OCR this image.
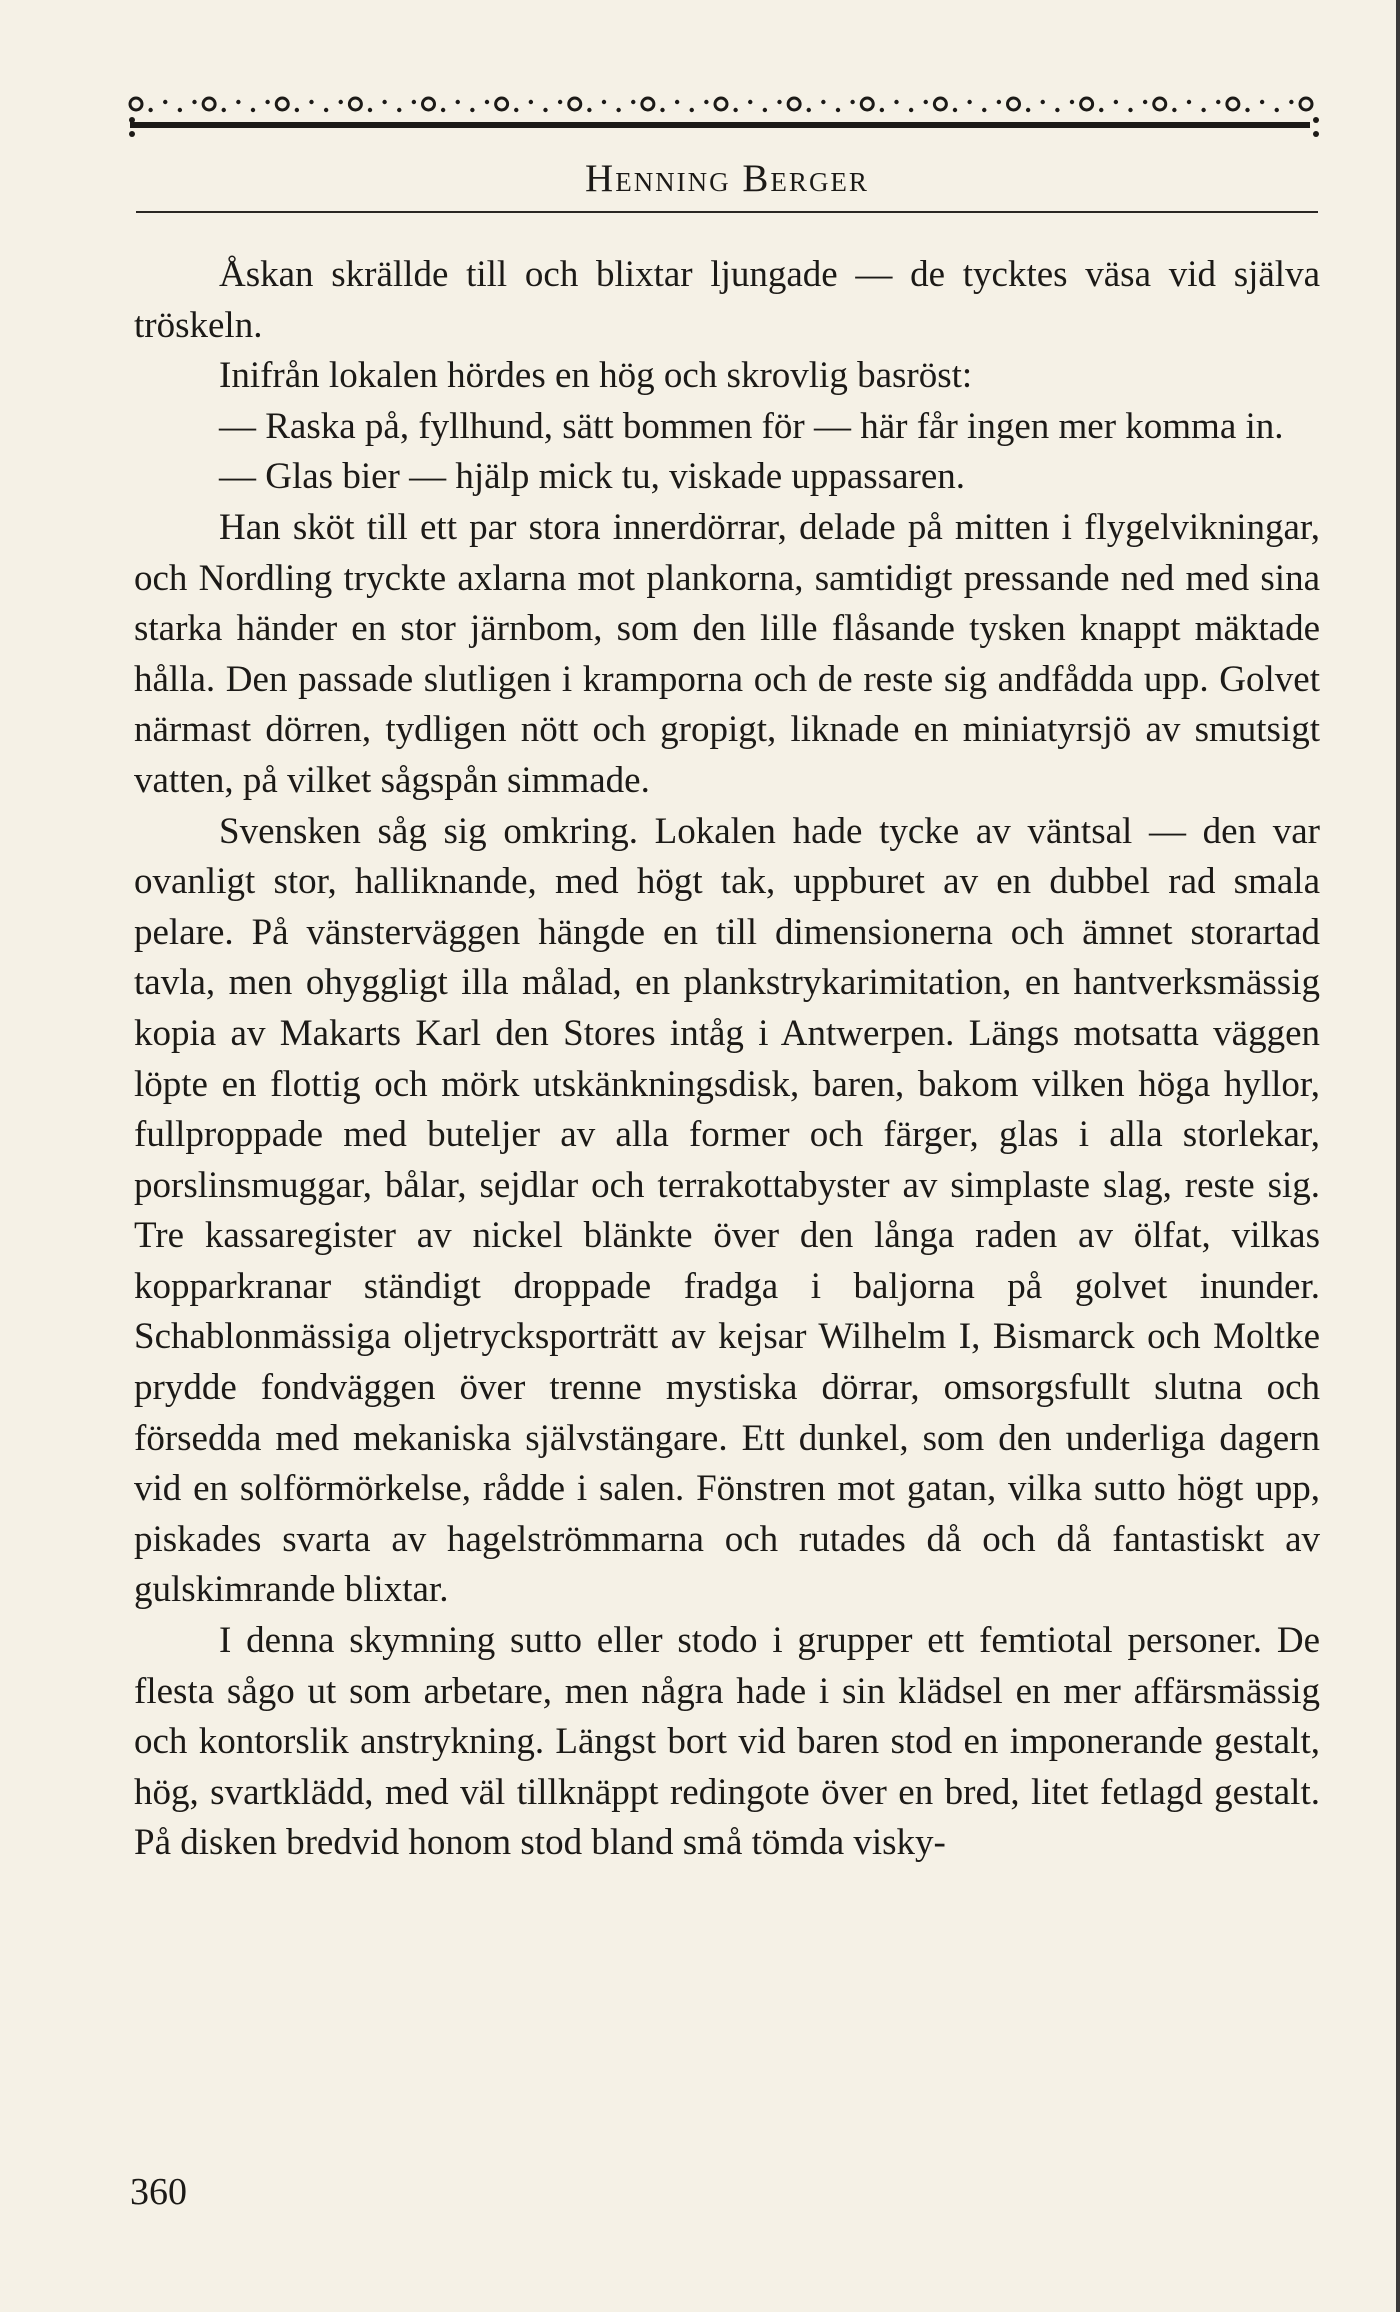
Henning Berger

Åskan skrällde till och blixtar ljungade — de tycktes väsa vid själva tröskeln.

Inifrån lokalen hördes en hög och skrovlig basröst:

— Raska på, fyllhund, sätt bommen för — här får ingen mer komma in.

— Glas bier — hjälp mick tu, viskade uppassaren.

Han sköt till ett par stora innerdörrar, delade på mitten i flygelvikningar, och Nordling tryckte axlarna mot plankorna, samtidigt pressande ned med sina starka händer en stor järnbom, som den lille flåsande tysken knappt mäktade hålla. Den passade slutligen i kramporna och de reste sig andfådda upp. Golvet närmast dörren, tydligen nött och gropigt, liknade en miniatyrsjö av smutsigt vatten, på vilket sågspån simmade.

Svensken såg sig omkring. Lokalen hade tycke av väntsal — den var ovanligt stor, halliknande, med högt tak, uppburet av en dubbel rad smala pelare. På vänsterväggen hängde en till dimensionerna och ämnet storartad tavla, men ohyggligt illa målad, en plankstrykarimitation, en hantverksmässig kopia av Makarts Karl den Stores intåg i Antwerpen. Längs motsatta väggen löpte en flottig och mörk utskänkningsdisk, baren, bakom vilken höga hyllor, fullproppade med buteljer av alla former och färger, glas i alla storlekar, porslinsmuggar, bålar, sejdlar och terrakottabyster av simplaste slag, reste sig. Tre kassaregister av nickel blänkte över den långa raden av ölfat, vilkas kopparkranar ständigt droppade fradga i baljorna på golvet inunder. Schablonmässiga oljetrycksporträtt av kejsar Wilhelm I, Bismarck och Moltke prydde fondväggen över trenne mystiska dörrar, omsorgsfullt slutna och försedda med mekaniska självstängare. Ett dunkel, som den underliga dagern vid en solförmörkelse, rådde i salen. Fönstren mot gatan, vilka sutto högt upp, piskades svarta av hagelströmmarna och rutades då och då fantastiskt av gulskimrande blixtar.

I denna skymning sutto eller stodo i grupper ett femtiotal personer. De flesta sågo ut som arbetare, men några hade i sin klädsel en mer affärsmässig och kontorslik anstrykning. Längst bort vid baren stod en imponerande gestalt, hög, svartklädd, med väl tillknäppt redingote över en bred, litet fetlagd gestalt. På disken bredvid honom stod bland små tömda visky-

360
